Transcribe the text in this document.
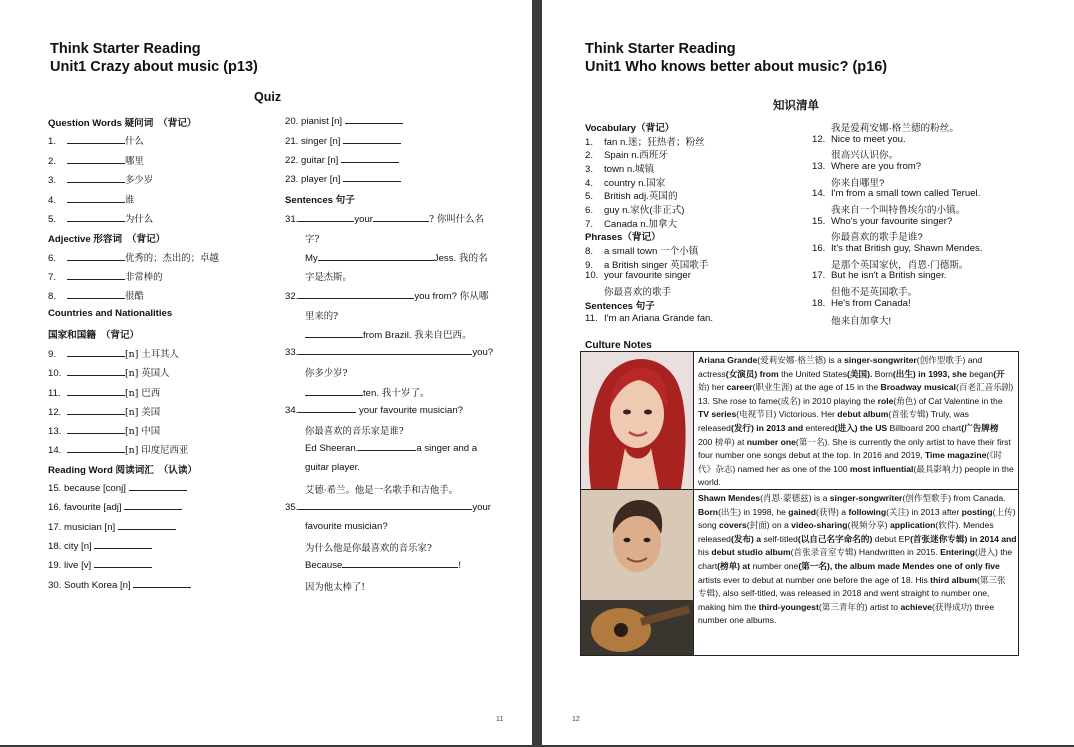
Think Starter Reading
Unit1 Crazy about music (p13)
Quiz
Question Words 疑问词　（背记）
1.	什么
2.	哪里
3.	多少岁
4.	谁
5.	为什么
Adjective 形容词　（背记）
6.	优秀的；杰出的；卓越
7.	非常棒的
8.	很酷
Countries and Nationalities
国家和国籍　（背记）
9.	[n] 土耳其人
10.	[n] 英国人
11.	[n] 巴西
12.	[n] 美国
13.	[n] 中国
14.	[n] 印度尼西亚
Reading Word 阅读词汇　（认读）
15. because [conj]
16. favourite [adj]
17. musician [n]
18. city [n]
19. live [v]
30. South Korea [n]
20. pianist [n]
21. singer [n]
22. guitar [n]
23. player [n]
Sentences 句子
31.	your	? 你叫什么名
字?
My	Jess. 我的名
字是杰斯。
32.	you from? 你从哪
里来的?
from Brazil. 我来自巴西。
33.	you?
你多少岁?
ten. 我十岁了。
34.	your favourite musician?
你最喜欢的音乐家是谁?
Ed Sheeran.	a singer and a
guitar player.
艾德·希兰。他是一名歌手和吉他手。
35.	your
favourite musician?
为什么他是你最喜欢的音乐家?
Because	!
因为他太棒了!
11
Think Starter Reading
Unit1 Who knows better about music? (p16)
知识清单
Vocabulary（背记）
1. fan n.迷；狂热者；粉丝
2. Spain n.西班牙
3. town n.城镇
4. country n.国家
5. British adj.英国的
6. guy n.家伙(非正式)
7. Canada n.加拿大
Phrases（背记）
8. a small town 一个小镇
9. a British singer 英国歌手
10. your favourite singer
你最喜欢的歌手
Sentences 句子
11. I'm an Ariana Grande fan.
我是爱莉安娜·格兰德的粉丝。
12. Nice to meet you.
很高兴认识你。
13. Where are you from?
你来自哪里?
14. I'm from a small town called Teruel.
我来自一个叫特鲁埃尔的小镇。
15. Who's your favourite singer?
你最喜欢的歌手是谁?
16. It's that British guy, Shawn Mendes.
是那个英国家伙，肖恩·门德斯。
17. But he isn't a British singer.
但他不是英国歌手。
18. He's from Canada!
他来自加拿大!
Culture Notes
Ariana Grande(爱莉安娜·格兰德) is a singer-songwriter(创作型歌手) and
actress(女演员) from the United States(美国). Born(出生) in 1993, she began(开
始) her career(职业生涯) at the age of 15 in the Broadway musical(百老汇音乐剧)
13. She rose to fame(成名) in 2010 playing the role(角色) of Cat Valentine in the
TV series(电视节目) Victorious. Her debut album(首张专辑) Truly, was
released(发行) in 2013 and entered(进入) the US Billboard 200 chart(广告牌榜
200 榜单) at number one(第一名). She is currently the only artist to have their first
four number one songs debut at the top. In 2016 and 2019, Time magazine(《时
代》杂志) named her as one of the 100 most influential(最具影响力) people in the
world.
Shawn Mendes(肖恩·蒙德兹) is a singer-songwriter(创作型歌手) from Canada.
Born(出生) in 1998, he gained(获得) a following(关注) in 2013 after posting(上传)
song covers(封面) on a video-sharing(视频分享) application(软件). Mendes
released(发布) a self-titled(以自己名字命名的) debut EP(首张迷你专辑) in 2014 and
his debut studio album(首张录音室专辑) Handwritten in 2015. Entering(进入) the
chart(榜单) at number one(第一名), the album made Mendes one of only five
artists ever to debut at number one before the age of 18. His third album(第三张
专辑), also self-titled, was released in 2018 and went straight to number one,
making him the third-youngest(第三青年的) artist to achieve(获得成功) three
number one albums.
12
